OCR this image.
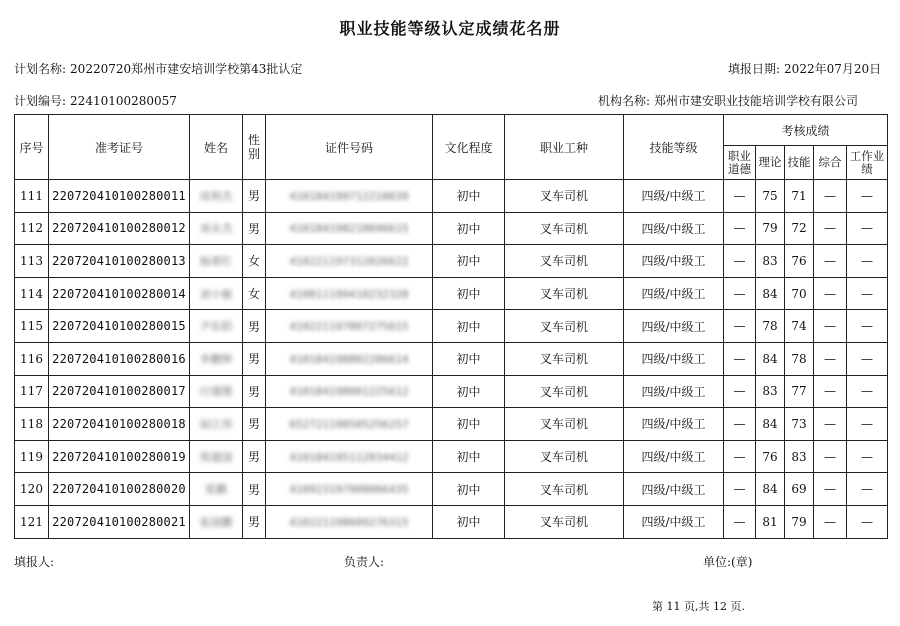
职业技能等级认定成绩花名册
计划名称: 20220720郑州市建安培训学校第43批认定	填报日期: 2022年07月20日
计划编号: 22410100280057	机构名称: 郑州市建安职业技能培训学校有限公司
序号	准考证号	姓名	性别	证件号码	文化程度	职业工种	技能等级	考核成绩				
								职业道德	理论	技能	综合	工作业绩
111	220720410100280011	周利杰	男	410184199712210039	初中	叉车司机	四级/中级工	—	75	71	—	—
112	220720410100280012	刘永杰	男	410184198210046615	初中	叉车司机	四级/中级工	—	79	72	—	—
113	220720410100280013	杨翠红	女	410221197312026622	初中	叉车司机	四级/中级工	—	83	76	—	—
114	220720410100280014	刘小敏	女	410811199410232320	初中	叉车司机	四级/中级工	—	84	70	—	—
115	220720410100280015	尹东阳	男	410221197807275615	初中	叉车司机	四级/中级工	—	78	74	—	—
116	220720410100280016	李鹏辉	男	410184198802206614	初中	叉车司机	四级/中级工	—	84	78	—	—
117	220720410100280017	付建刚	男	410184198001225612	初中	叉车司机	四级/中级工	—	83	77	—	—
118	220720410100280018	屈江伟	男	652721198505256257	初中	叉车司机	四级/中级工	—	84	73	—	—
119	220720410100280019	郑建国	男	410184195112034412	初中	叉车司机	四级/中级工	—	76	83	—	—
120	220720410100280020	渠鹏	男	410923197908066435	初中	叉车司机	四级/中级工	—	84	69	—	—
121	220720410100280021	张国鹏	男	410221198609276315	初中	叉车司机	四级/中级工	—	81	79	—	—
填报人:	负责人:	单位:(章)
第 11 页,共 12 页.
